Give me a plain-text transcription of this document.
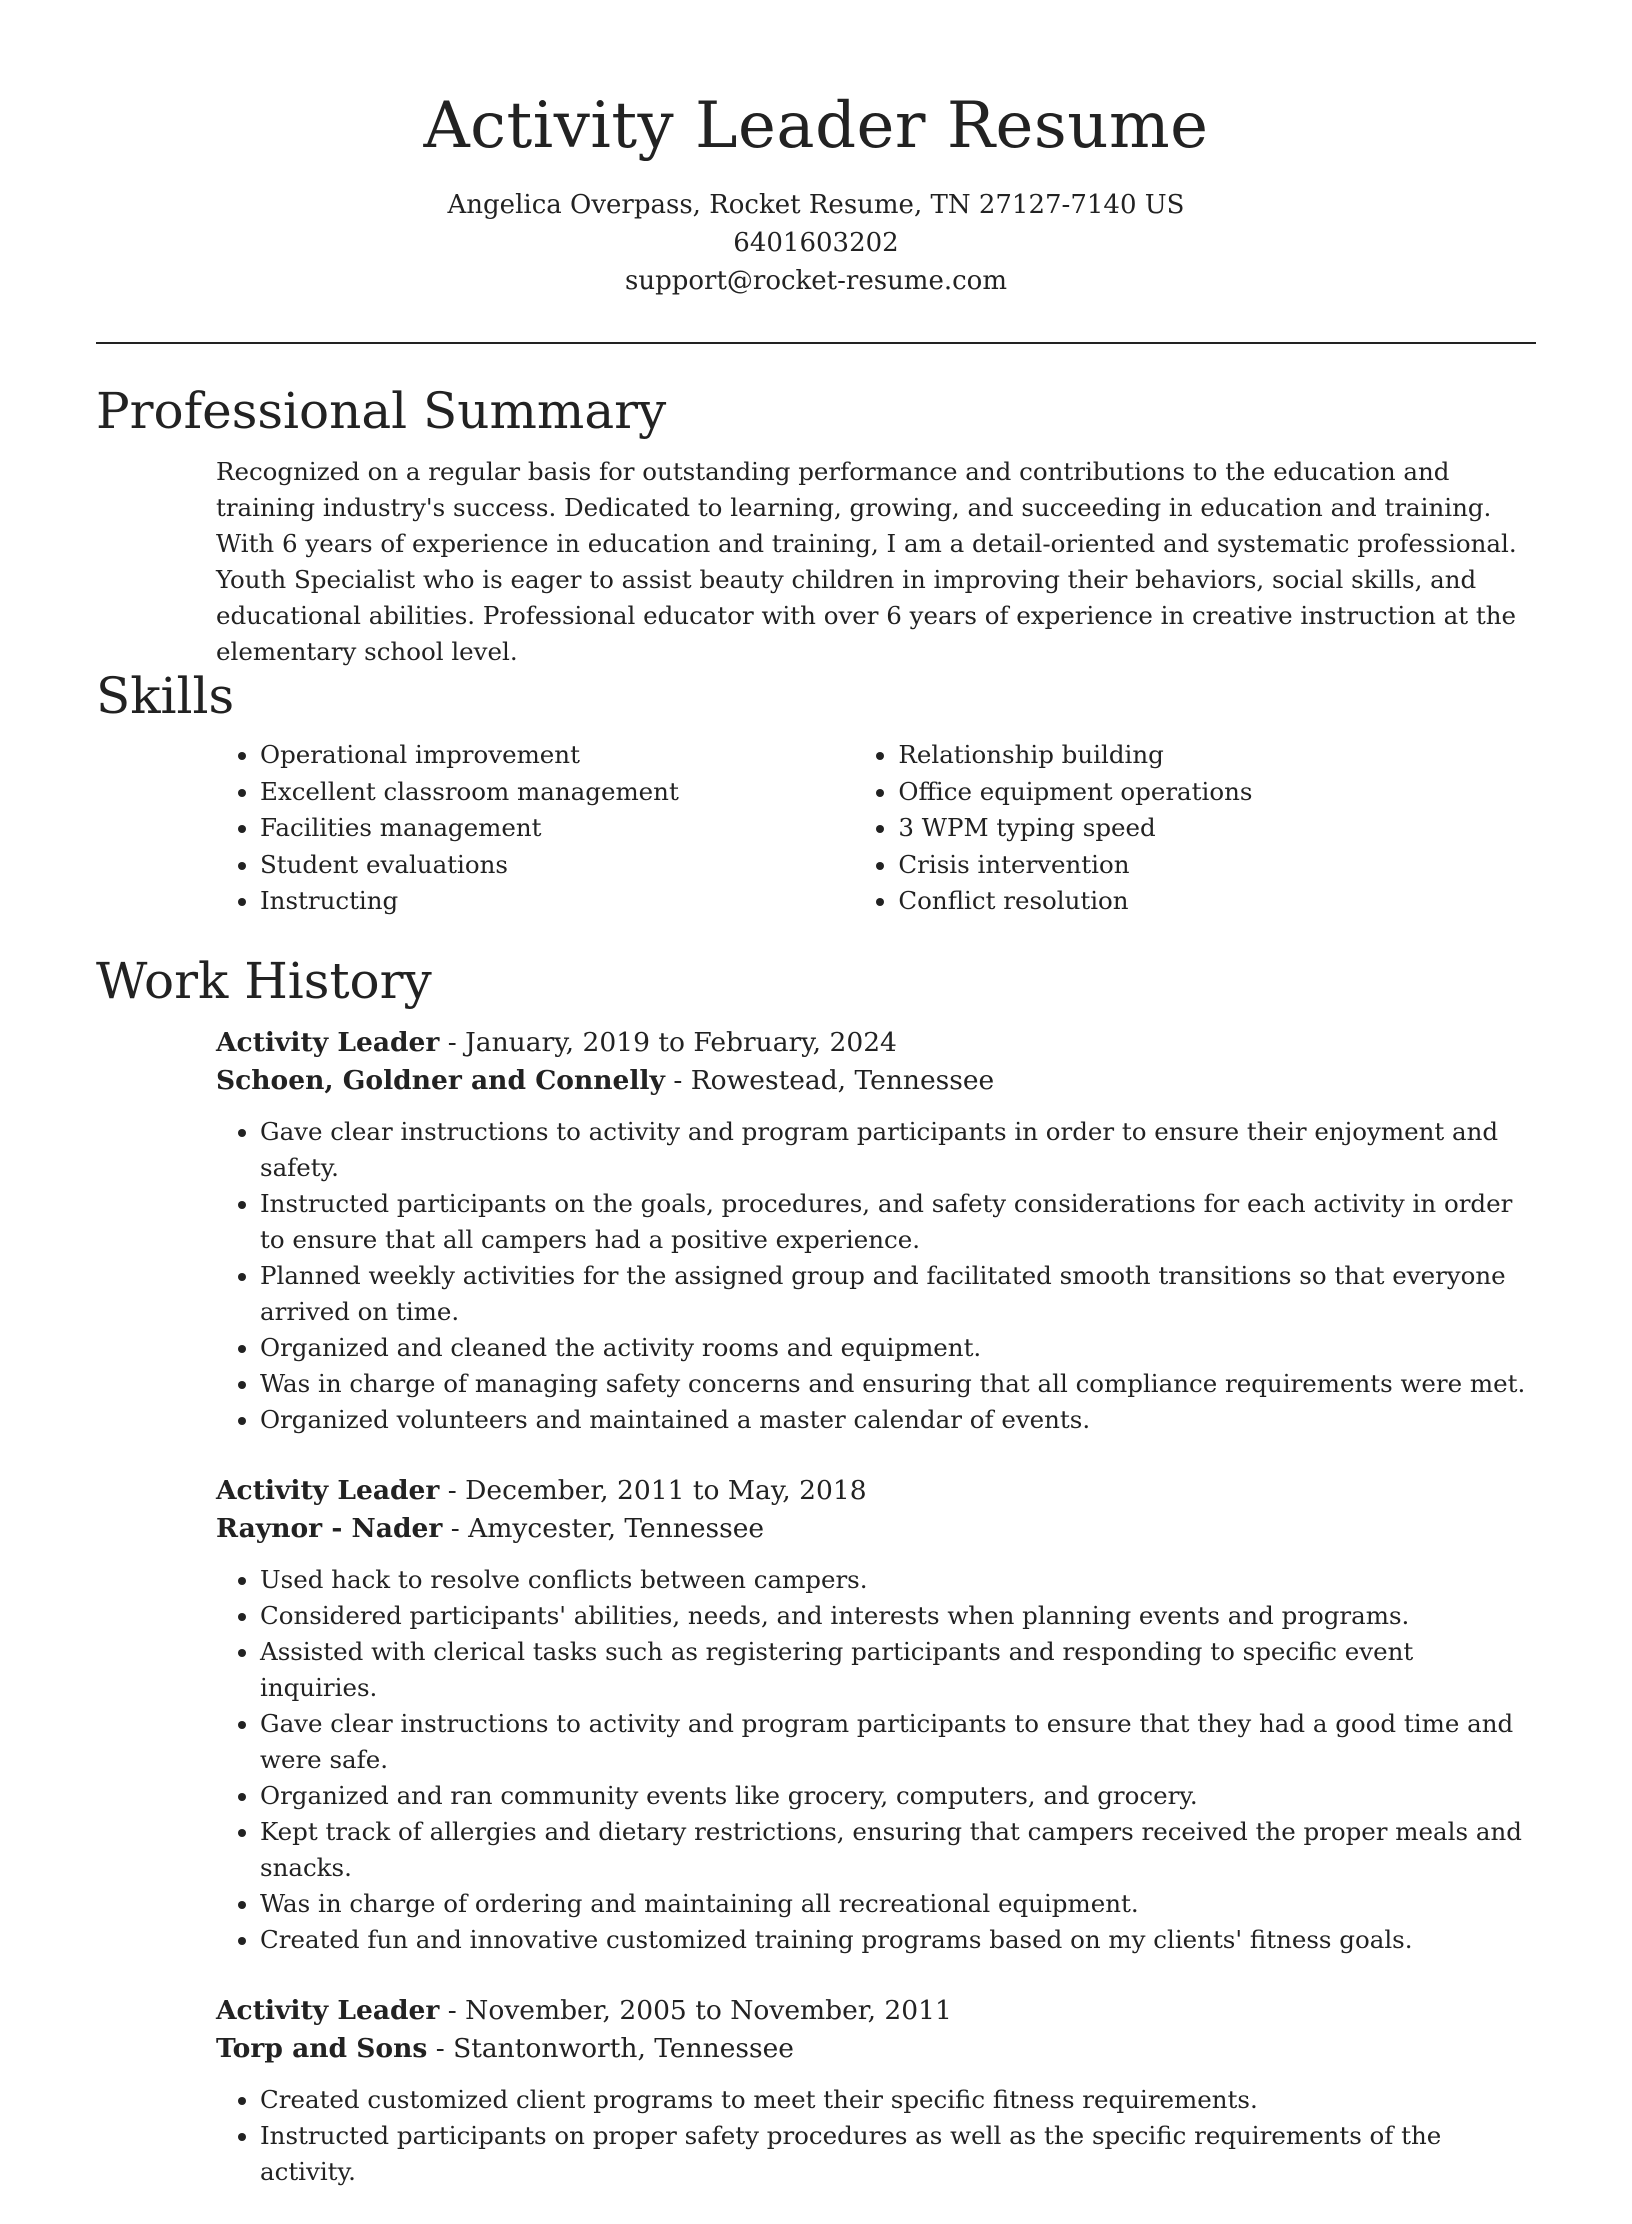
Activity Leader Resume
Angelica Overpass, Rocket Resume, TN 27127-7140 US
6401603202
support@rocket-resume.com
Professional Summary

Recognized on a regular basis for outstanding performance and contributions to the education and training industry's success. Dedicated to learning, growing, and succeeding in education and training. With 6 years of experience in education and training, I am a detail-oriented and systematic professional. Youth Specialist who is eager to assist beauty children in improving their behaviors, social skills, and educational abilities. Professional educator with over 6 years of experience in creative instruction at the elementary school level.

Skills
• Operational improvement
• Excellent classroom management
• Facilities management
• Student evaluations
• Instructing
• Relationship building
• Office equipment operations
• 3 WPM typing speed
• Crisis intervention
• Conflict resolution
Work History
Activity Leader - January, 2019 to February, 2024
Schoen, Goldner and Connelly - Rowestead, Tennessee
• Gave clear instructions to activity and program participants in order to ensure their enjoyment and safety.
• Instructed participants on the goals, procedures, and safety considerations for each activity in order to ensure that all campers had a positive experience.
• Planned weekly activities for the assigned group and facilitated smooth transitions so that everyone arrived on time.
• Organized and cleaned the activity rooms and equipment.
• Was in charge of managing safety concerns and ensuring that all compliance requirements were met.
• Organized volunteers and maintained a master calendar of events.
Activity Leader - December, 2011 to May, 2018
Raynor - Nader - Amycester, Tennessee
• Used hack to resolve conflicts between campers.
• Considered participants' abilities, needs, and interests when planning events and programs.
• Assisted with clerical tasks such as registering participants and responding to specific event inquiries.
• Gave clear instructions to activity and program participants to ensure that they had a good time and were safe.
• Organized and ran community events like grocery, computers, and grocery.
• Kept track of allergies and dietary restrictions, ensuring that campers received the proper meals and snacks.
• Was in charge of ordering and maintaining all recreational equipment.
• Created fun and innovative customized training programs based on my clients' fitness goals.
Activity Leader - November, 2005 to November, 2011
Torp and Sons - Stantonworth, Tennessee
• Created customized client programs to meet their specific fitness requirements.
• Instructed participants on proper safety procedures as well as the specific requirements of the activity.
